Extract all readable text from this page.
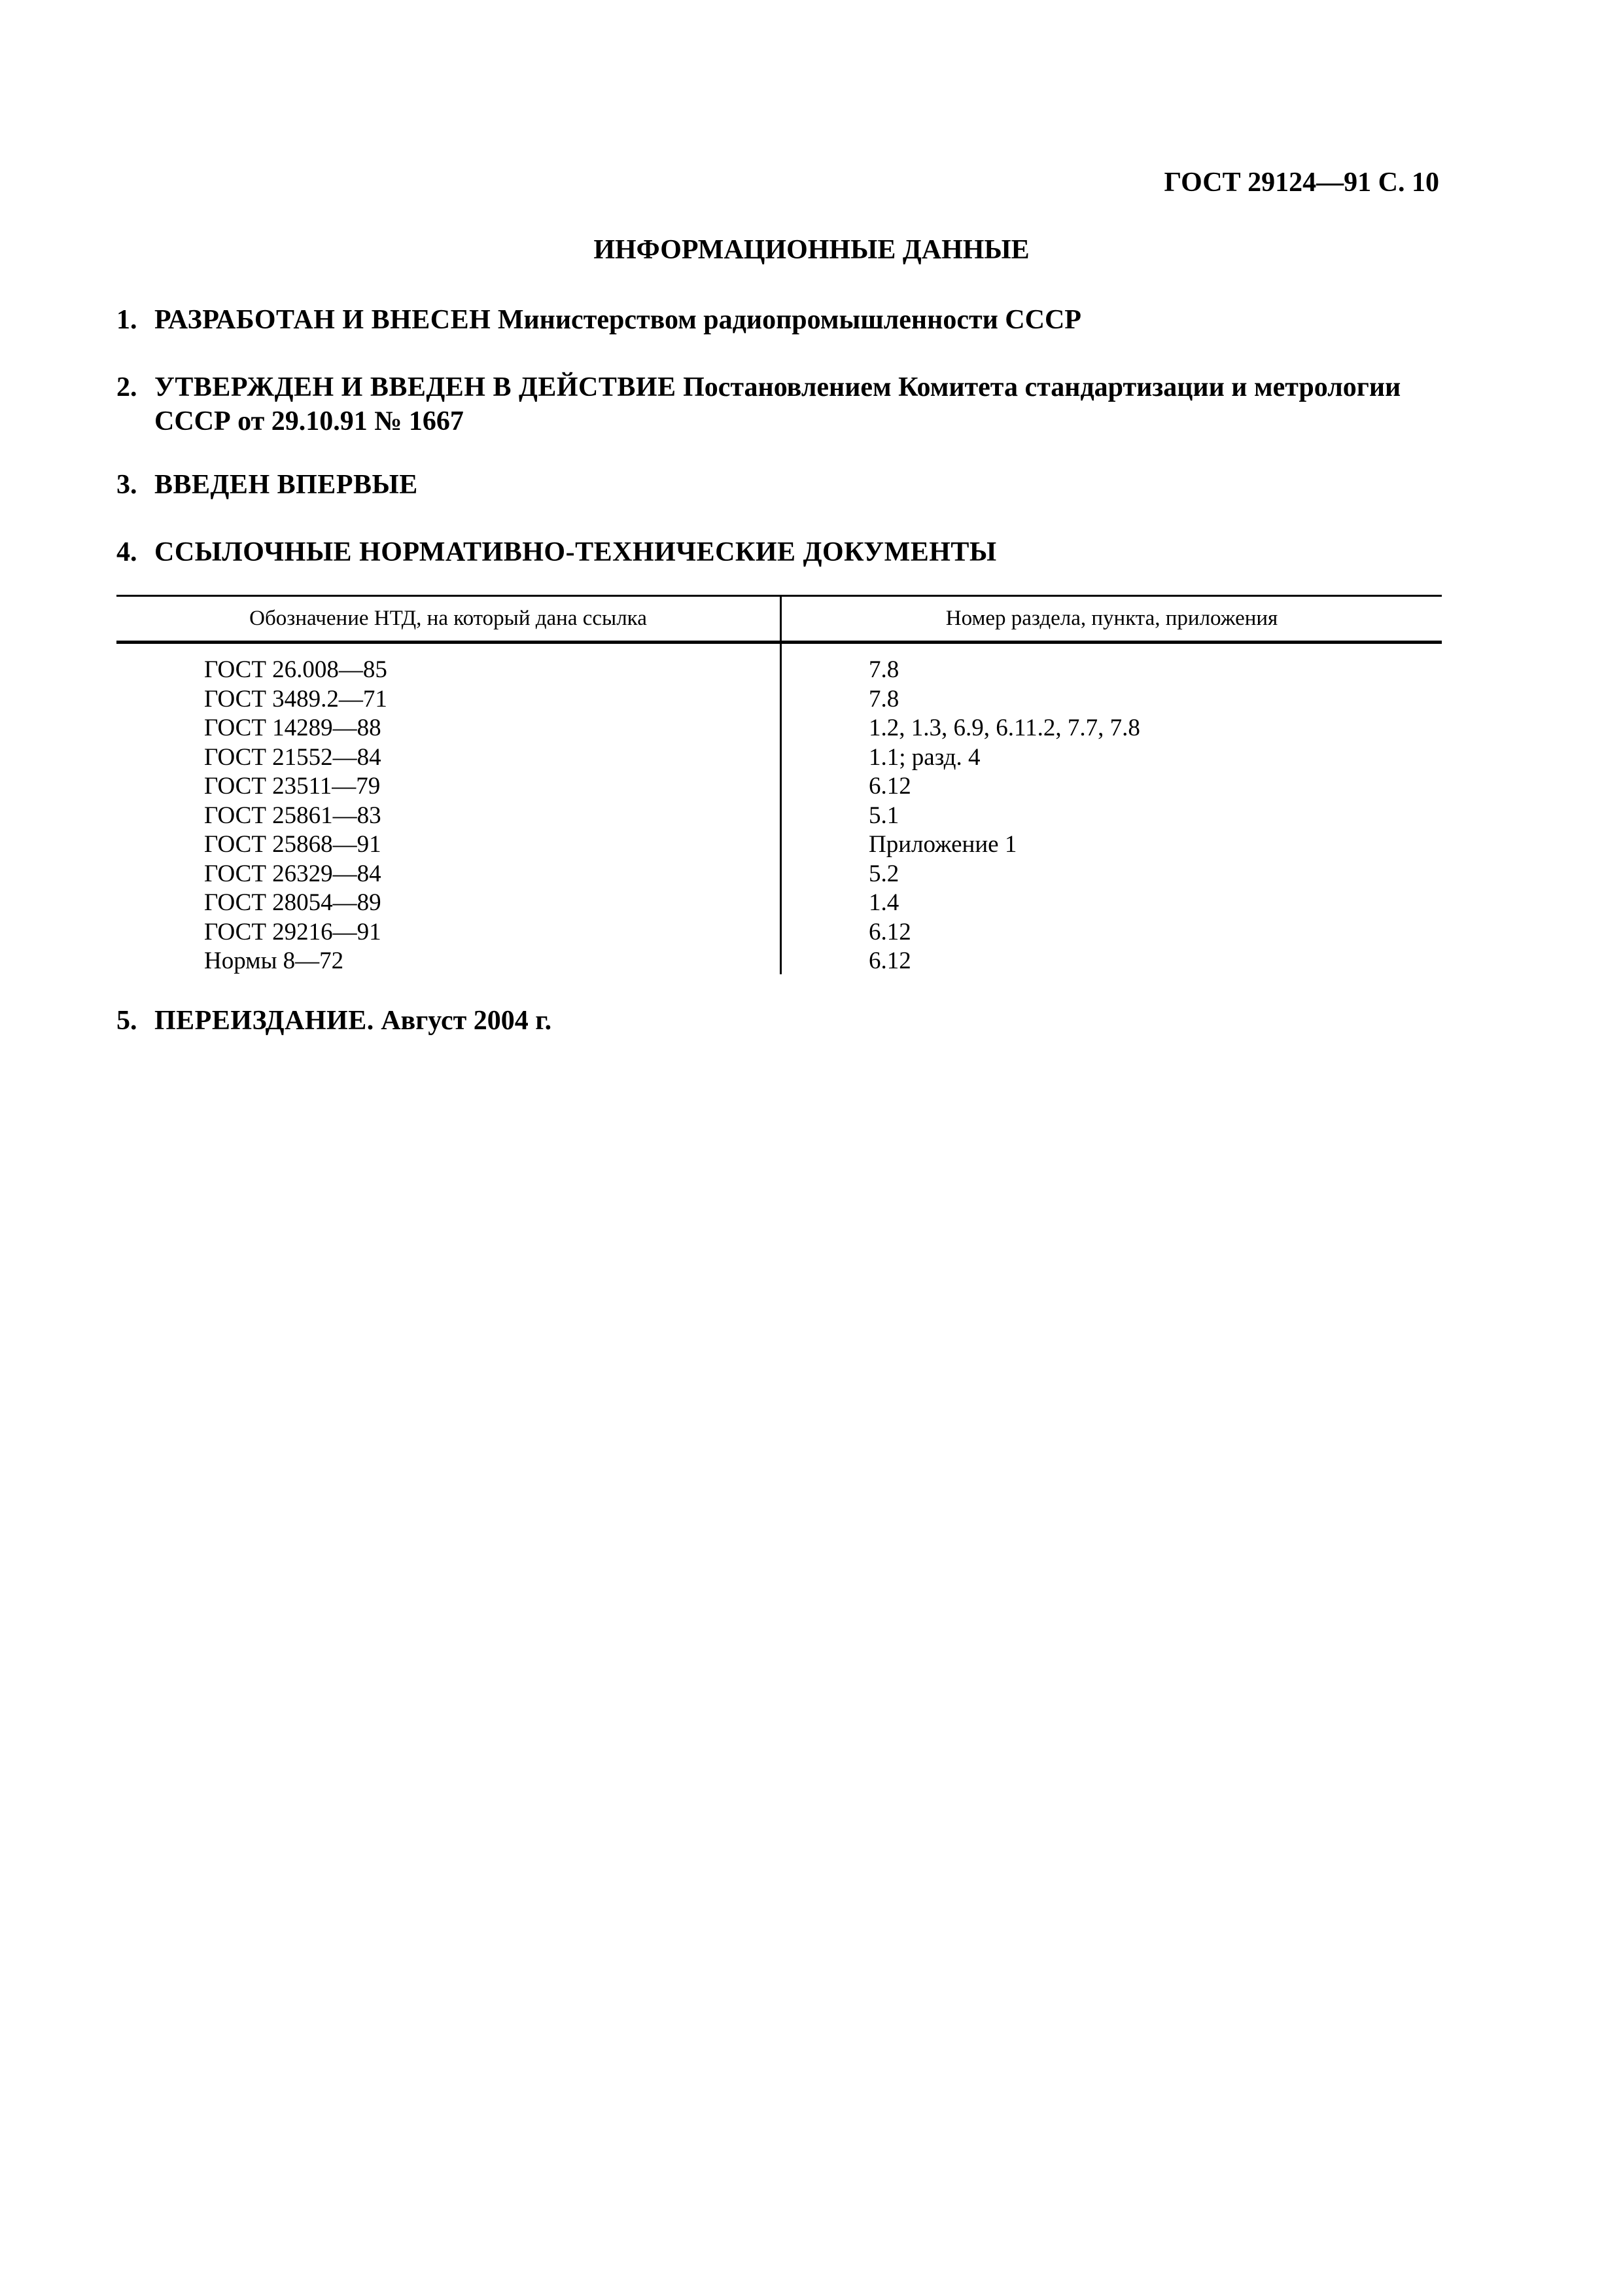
ГОСТ 29124—91 С. 10
ИНФОРМАЦИОННЫЕ ДАННЫЕ
1. РАЗРАБОТАН И ВНЕСЕН Министерством радиопромышленности СССР
2. УТВЕРЖДЕН И ВВЕДЕН В ДЕЙСТВИЕ Постановлением Комитета стандартизации и метрологии СССР от 29.10.91 № 1667
3. ВВЕДЕН ВПЕРВЫЕ
4. ССЫЛОЧНЫЕ НОРМАТИВНО-ТЕХНИЧЕСКИЕ ДОКУМЕНТЫ
Обозначение НТД, на который дана ссылка	Номер раздела, пункта, приложения
ГОСТ 26.008—85
ГОСТ 3489.2—71
ГОСТ 14289—88
ГОСТ 21552—84
ГОСТ 23511—79
ГОСТ 25861—83
ГОСТ 25868—91
ГОСТ 26329—84
ГОСТ 28054—89
ГОСТ 29216—91
Нормы 8—72
7.8
7.8
1.2, 1.3, 6.9, 6.11.2, 7.7, 7.8
1.1; разд. 4
6.12
5.1
Приложение 1
5.2
1.4
6.12
6.12
5. ПЕРЕИЗДАНИЕ. Август 2004 г.
